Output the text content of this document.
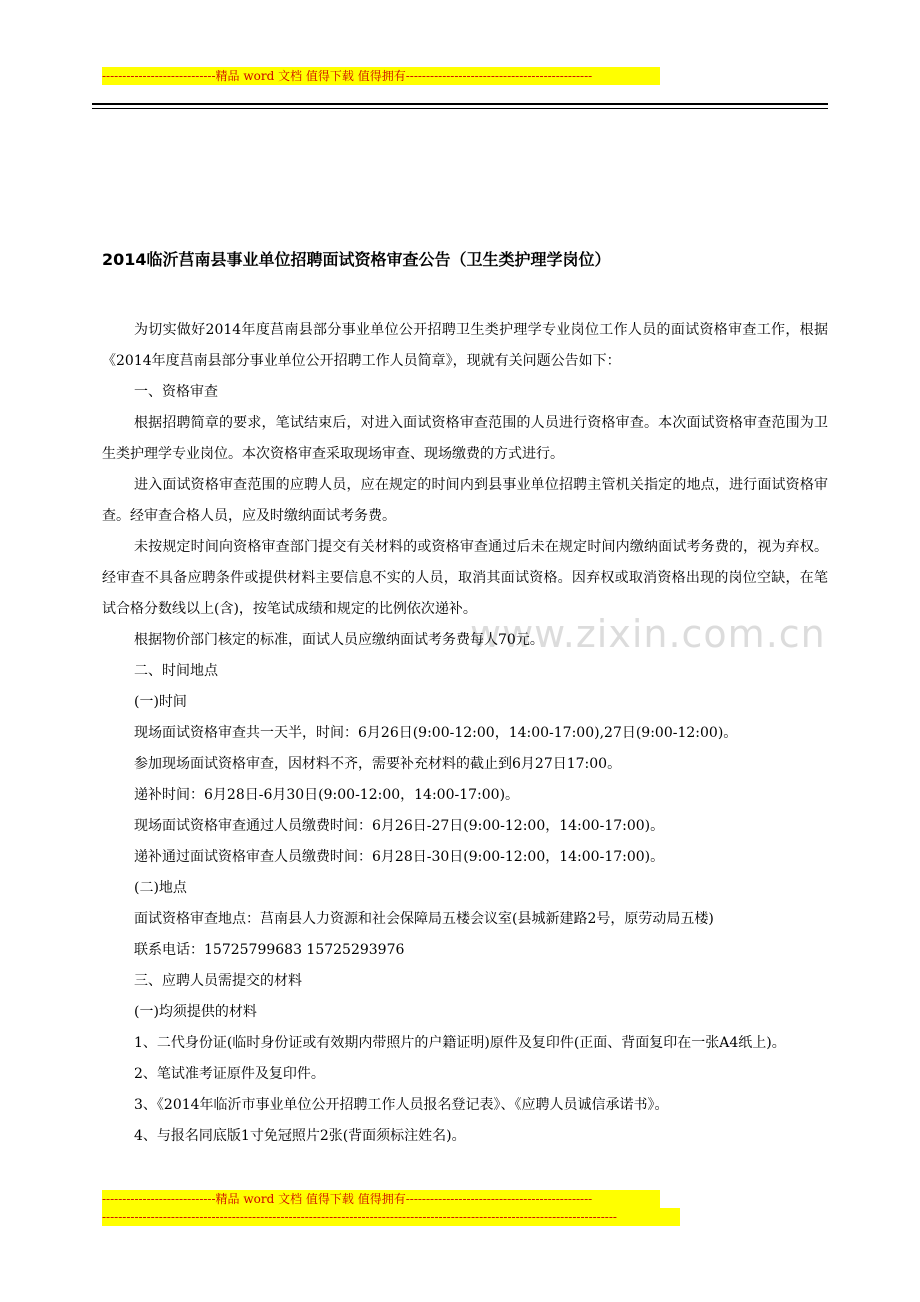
----------------------------精品 word 文档 值得下载 值得拥有----------------------------------------------
2014临沂莒南县事业单位招聘面试资格审查公告（卫生类护理学岗位）
www.zixin.com.cn

为切实做好2014年度莒南县部分事业单位公开招聘卫生类护理学专业岗位工作人员的面试资格审查工作，根据《2014年度莒南县部分事业单位公开招聘工作人员简章》，现就有关问题公告如下：

一、资格审查

根据招聘简章的要求，笔试结束后，对进入面试资格审查范围的人员进行资格审查。本次面试资格审查范围为卫生类护理学专业岗位。本次资格审查采取现场审查、现场缴费的方式进行。

进入面试资格审查范围的应聘人员，应在规定的时间内到县事业单位招聘主管机关指定的地点，进行面试资格审查。经审查合格人员，应及时缴纳面试考务费。

未按规定时间向资格审查部门提交有关材料的或资格审查通过后未在规定时间内缴纳面试考务费的，视为弃权。经审查不具备应聘条件或提供材料主要信息不实的人员，取消其面试资格。因弃权或取消资格出现的岗位空缺，在笔试合格分数线以上(含)，按笔试成绩和规定的比例依次递补。

根据物价部门核定的标准，面试人员应缴纳面试考务费每人70元。

二、时间地点

(一)时间

现场面试资格审查共一天半，时间：6月26日(9:00-12:00，14:00-17:00),27日(9:00-12:00)。

参加现场面试资格审查，因材料不齐，需要补充材料的截止到6月27日17:00。

递补时间：6月28日-6月30日(9:00-12:00，14:00-17:00)。

现场面试资格审查通过人员缴费时间：6月26日-27日(9:00-12:00，14:00-17:00)。

递补通过面试资格审查人员缴费时间：6月28日-30日(9:00-12:00，14:00-17:00)。

(二)地点

面试资格审查地点：莒南县人力资源和社会保障局五楼会议室(县城新建路2号，原劳动局五楼)

联系电话：15725799683 15725293976

三、应聘人员需提交的材料

(一)均须提供的材料

1、二代身份证(临时身份证或有效期内带照片的户籍证明)原件及复印件(正面、背面复印在一张A4纸上)。

2、笔试准考证原件及复印件。

3、《2014年临沂市事业单位公开招聘工作人员报名登记表》、《应聘人员诚信承诺书》。

4、与报名同底版1寸免冠照片2张(背面须标注姓名)。

----------------------------精品 word 文档 值得下载 值得拥有----------------------------------------------
-------------------------------------------------------------------------------------------------------------------------------
